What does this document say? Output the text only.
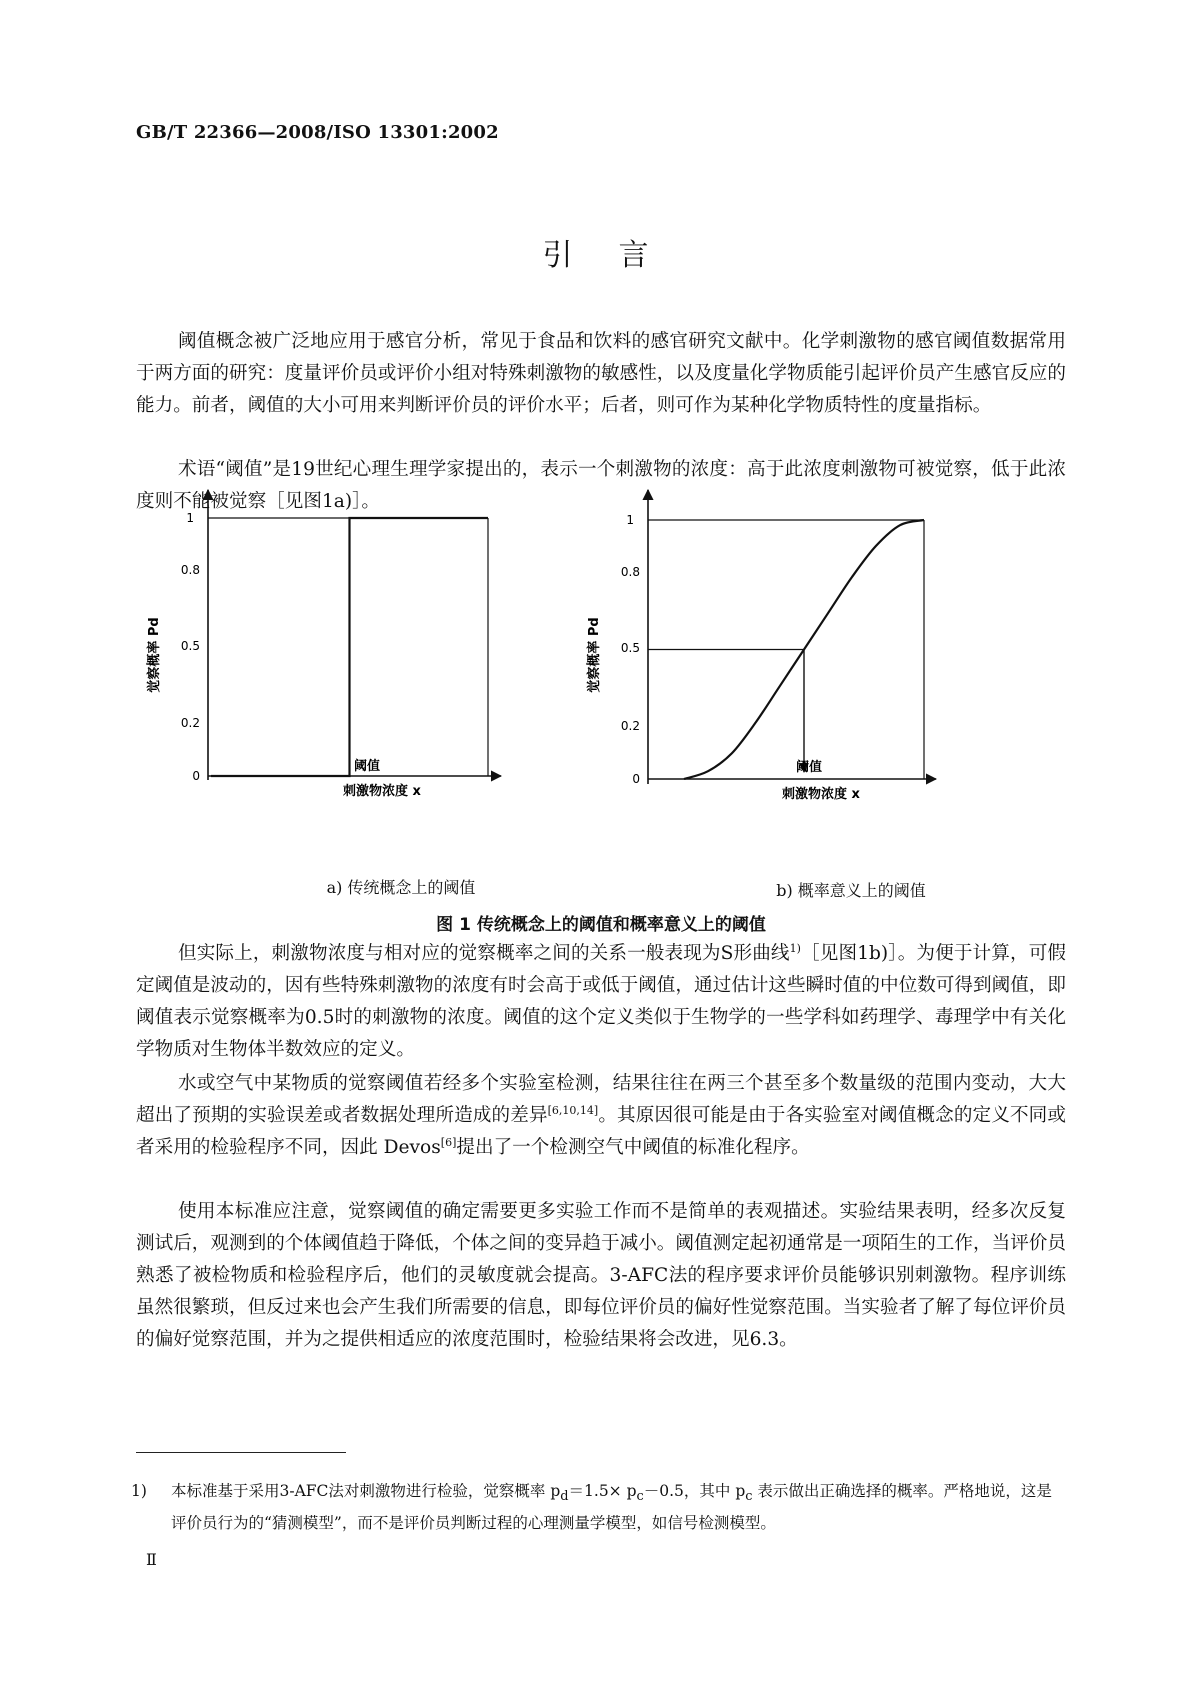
GB/T 22366—2008/ISO 13301:2002
引言

阈值概念被广泛地应用于感官分析，常见于食品和饮料的感官研究文献中。化学刺激物的感官阈值数据常用于两方面的研究：度量评价员或评价小组对特殊刺激物的敏感性，以及度量化学物质能引起评价员产生感官反应的能力。前者，阈值的大小可用来判断评价员的评价水平；后者，则可作为某种化学物质特性的度量指标。

术语“阈值”是19世纪心理生理学家提出的，表示一个刺激物的浓度：高于此浓度刺激物可被觉察，低于此浓度则不能被觉察［见图1a)］。

1
0.8
0.5
0.2
0
阈值
刺激物浓度 x
觉察概率 Pd
1
0.8
0.5
0.2
0
阈值
刺激物浓度 x
觉察概率 Pd
a) 传统概念上的阈值	b) 概率意义上的阈值
图 1 传统概念上的阈值和概率意义上的阈值

但实际上，刺激物浓度与相对应的觉察概率之间的关系一般表现为S形曲线$^{1)}$［见图1b)］。为便于计算，可假定阈值是波动的，因有些特殊刺激物的浓度有时会高于或低于阈值，通过估计这些瞬时值的中位数可得到阈值，即阈值表示觉察概率为0.5时的刺激物的浓度。阈值的这个定义类似于生物学的一些学科如药理学、毒理学中有关化学物质对生物体半数效应的定义。

水或空气中某物质的觉察阈值若经多个实验室检测，结果往往在两三个甚至多个数量级的范围内变动，大大超出了预期的实验误差或者数据处理所造成的差异[6,10,14]。其原因很可能是由于各实验室对阈值概念的定义不同或者采用的检验程序不同，因此 Devos[6]提出了一个检测空气中阈值的标准化程序。

使用本标准应注意，觉察阈值的确定需要更多实验工作而不是简单的表观描述。实验结果表明，经多次反复测试后，观测到的个体阈值趋于降低，个体之间的变异趋于减小。阈值测定起初通常是一项陌生的工作，当评价员熟悉了被检物质和检验程序后，他们的灵敏度就会提高。3-AFC法的程序要求评价员能够识别刺激物。程序训练虽然很繁琐，但反过来也会产生我们所需要的信息，即每位评价员的偏好性觉察范围。当实验者了解了每位评价员的偏好觉察范围，并为之提供相适应的浓度范围时，检验结果将会改进，见6.3。

1) 本标准基于采用3-AFC法对刺激物进行检验，觉察概率 $p_d=1.5\times p_c-0.5$，其中 $p_c$ 表示做出正确选择的概率。严格地说，这是评价员行为的“猜测模型”，而不是评价员判断过程的心理测量学模型，如信号检测模型。

Ⅱ
